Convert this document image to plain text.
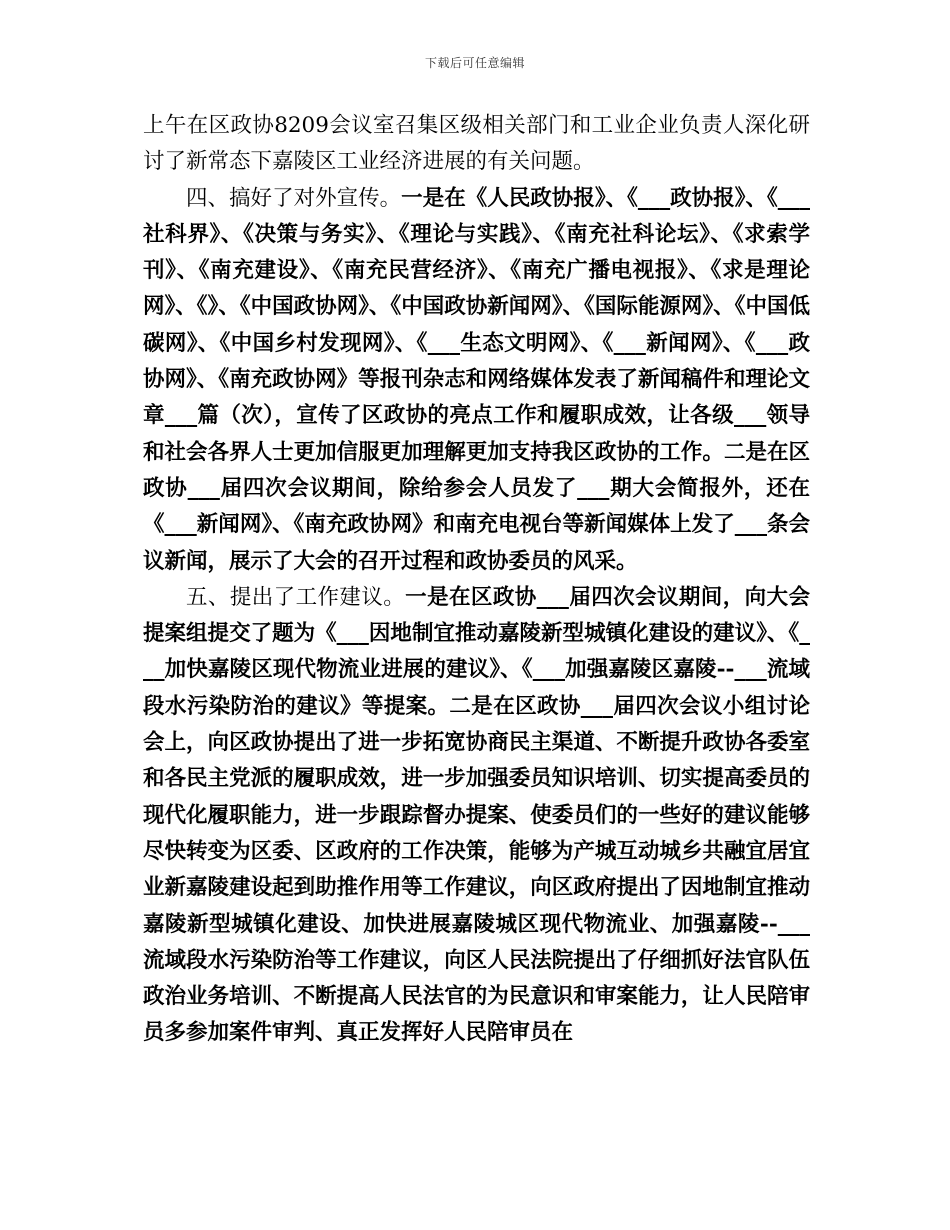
下载后可任意编辑

上午在区政协8209会议室召集区级相关部门和工业企业负责人深化研讨了新常态下嘉陵区工业经济进展的有关问题。

四、搞好了对外宣传。一是在《人民政协报》、《___政协报》、《___社科界》、《决策与务实》、《理论与实践》、《南充社科论坛》、《求索学刊》、《南充建设》、《南充民营经济》、《南充广播电视报》、《求是理论网》、《》、《中国政协网》、《中国政协新闻网》、《国际能源网》、《中国低碳网》、《中国乡村发现网》、《___生态文明网》、《___新闻网》、《___政协网》、《南充政协网》等报刊杂志和网络媒体发表了新闻稿件和理论文章___篇（次），宣传了区政协的亮点工作和履职成效，让各级___领导和社会各界人士更加信服更加理解更加支持我区政协的工作。二是在区政协___届四次会议期间，除给参会人员发了___期大会简报外，还在《___新闻网》、《南充政协网》和南充电视台等新闻媒体上发了___条会议新闻，展示了大会的召开过程和政协委员的风采。

五、提出了工作建议。一是在区政协___届四次会议期间，向大会提案组提交了题为《___因地制宜推动嘉陵新型城镇化建设的建议》、《___加快嘉陵区现代物流业进展的建议》、《___加强嘉陵区嘉陵--___流域段水污染防治的建议》等提案。二是在区政协___届四次会议小组讨论会上，向区政协提出了进一步拓宽协商民主渠道、不断提升政协各委室和各民主党派的履职成效，进一步加强委员知识培训、切实提高委员的现代化履职能力，进一步跟踪督办提案、使委员们的一些好的建议能够尽快转变为区委、区政府的工作决策，能够为产城互动城乡共融宜居宜业新嘉陵建设起到助推作用等工作建议，向区政府提出了因地制宜推动嘉陵新型城镇化建设、加快进展嘉陵城区现代物流业、加强嘉陵--___流域段水污染防治等工作建议，向区人民法院提出了仔细抓好法官队伍政治业务培训、不断提高人民法官的为民意识和审案能力，让人民陪审员多参加案件审判、真正发挥好人民陪审员在
